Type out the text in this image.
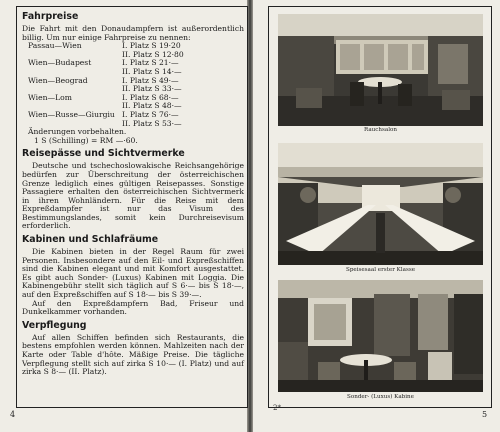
Fahrpreise

Die Fahrt mit den Donaudampfern ist außerordentlich billig. Um nur einige Fahrpreise zu nennen:

Passau—Wien	I. Platz S 19·20
II. Platz S 12·80
Wien—Budapest	I. Platz S 21·—
II. Platz S 14·—
Wien—Beograd	I. Platz S 49·—
II. Platz S 33·—
Wien—Lom	I. Platz S 68·—
II. Platz S 48·—
Wien—Russe—Giurgiu I. Platz S 76·—
II. Platz S 53·—

Änderungen vorbehalten.

1 S (Schilling) = RM —·60.

Reisepässe und Sichtvermerke

Deutsche und tschechoslowakische Reichsangehörige bedürfen zur Überschreitung der österreichischen Grenze lediglich eines gültigen Reisepasses. Sonstige Passagiere erhalten den österreichischen Sichtvermerk in ihren Wohnländern. Für die Reise mit dem Expreßdampfer ist nur das Visum des Bestimmungslandes, somit kein Durchreisevisum erforderlich.

Kabinen und Schlafräume

Die Kabinen bieten in der Regel Raum für zwei Personen. Insbesondere auf den Eil- und Expreßschiffen sind die Kabinen elegant und mit Komfort ausgestattet. Es gibt auch Sonder- (Luxus) Kabinen mit Loggia. Die Kabinengebühr stellt sich täglich auf S 6·— bis S 18·—, auf den Expreßschiffen auf S 18·— bis S 39·—.

Auf den Expreßdampfern Bad, Friseur und Dunkelkammer vorhanden.

Verpflegung

Auf allen Schiffen befinden sich Restaurants, die bestens empfohlen werden können. Mahlzeiten nach der Karte oder Table d'hôte. Mäßige Preise. Die tägliche Verpflegung stellt sich auf zirka S 10·— (I. Platz) und auf zirka S 8·— (II. Platz).

4
Rauchsalon
Speisesaal erster Klasse
Sonder- (Luxus) Kabine
2*
5
